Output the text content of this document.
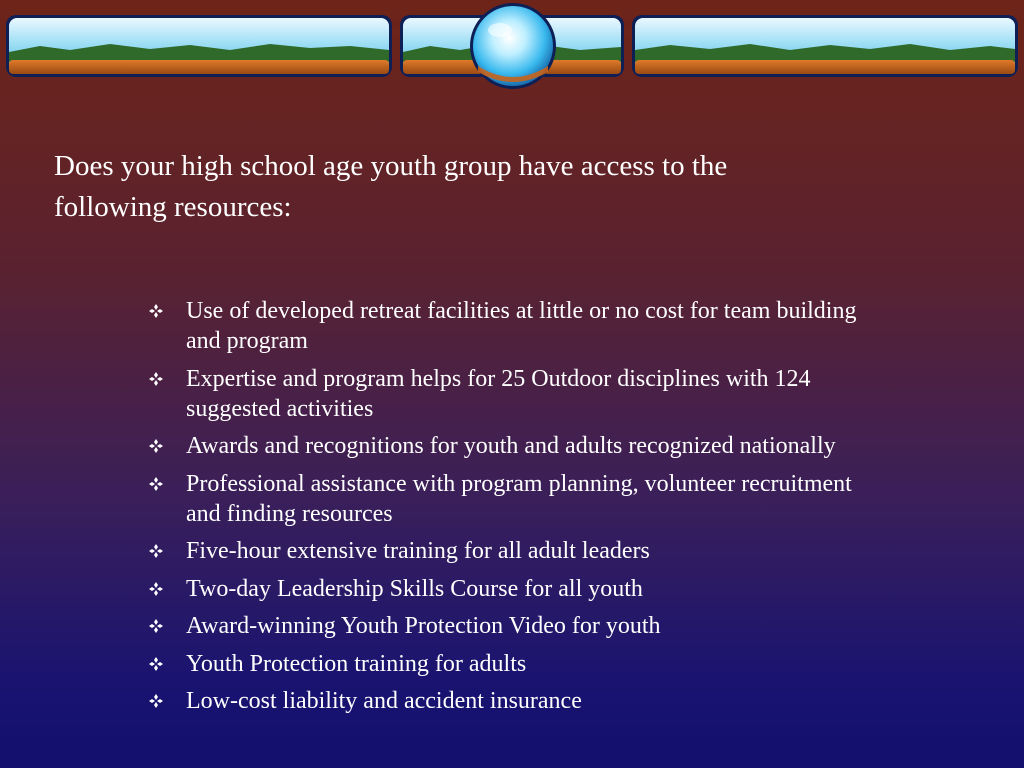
Does your high school age youth group have access to the
following resources:
Use of developed retreat facilities at little or no cost for team building
and program
Expertise and program helps for 25 Outdoor disciplines with 124
suggested activities
Awards and recognitions for youth and adults recognized nationally
Professional assistance with program planning, volunteer recruitment
and finding resources
Five-hour extensive training for all adult leaders
Two-day Leadership Skills Course for all youth
Award-winning Youth Protection Video for youth
Youth Protection training for adults
Low-cost liability and accident insurance
